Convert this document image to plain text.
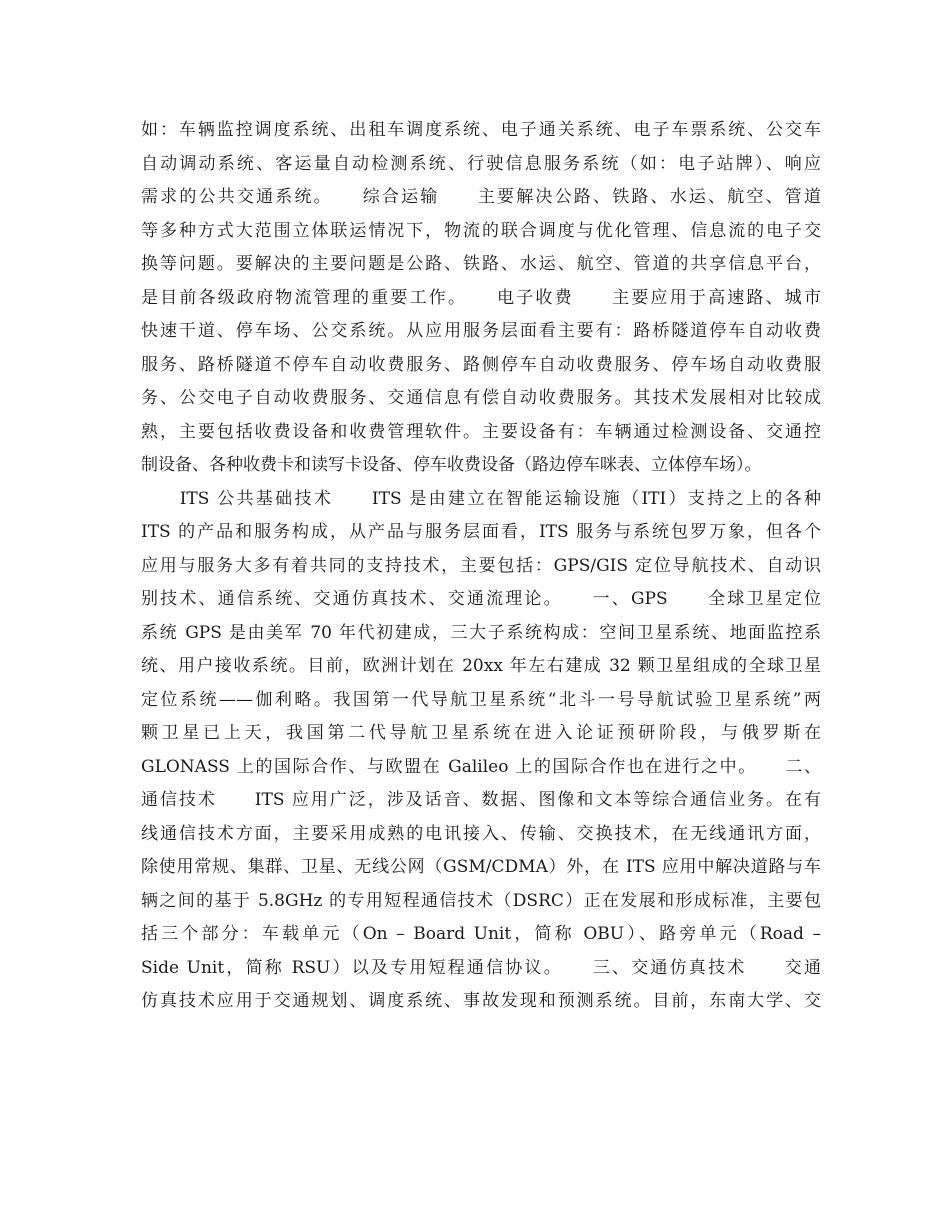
如：车辆监控调度系统、出租车调度系统、电子通关系统、电子车票系统、公交车
自动调动系统、客运量自动检测系统、行驶信息服务系统（如：电子站牌）、响应
需求的公共交通系统。　　综合运输　　主要解决公路、铁路、水运、航空、管道
等多种方式大范围立体联运情况下，物流的联合调度与优化管理、信息流的电子交
换等问题。要解决的主要问题是公路、铁路、水运、航空、管道的共享信息平台，
是目前各级政府物流管理的重要工作。　　电子收费　　主要应用于高速路、城市
快速干道、停车场、公交系统。从应用服务层面看主要有：路桥隧道停车自动收费
服务、路桥隧道不停车自动收费服务、路侧停车自动收费服务、停车场自动收费服
务、公交电子自动收费服务、交通信息有偿自动收费服务。其技术发展相对比较成
熟，主要包括收费设备和收费管理软件。主要设备有：车辆通过检测设备、交通控
制设备、各种收费卡和读写卡设备、停车收费设备（路边停车咪表、立体停车场）。
　　ITS 公共基础技术　　ITS 是由建立在智能运输设施（ITI）支持之上的各种
ITS 的产品和服务构成，从产品与服务层面看，ITS 服务与系统包罗万象，但各个
应用与服务大多有着共同的支持技术，主要包括：GPS/GIS 定位导航技术、自动识
别技术、通信系统、交通仿真技术、交通流理论。　　一、GPS　　全球卫星定位
系统 GPS 是由美军 70 年代初建成，三大子系统构成：空间卫星系统、地面监控系
统、用户接收系统。目前，欧洲计划在 20xx 年左右建成 32 颗卫星组成的全球卫星
定位系统——伽利略。我国第一代导航卫星系统“北斗一号导航试验卫星系统”两
颗卫星已上天，我国第二代导航卫星系统在进入论证预研阶段，与俄罗斯在
GLONASS 上的国际合作、与欧盟在 Galileo 上的国际合作也在进行之中。　　二、
通信技术　　ITS 应用广泛，涉及话音、数据、图像和文本等综合通信业务。在有
线通信技术方面，主要采用成熟的电讯接入、传输、交换技术，在无线通讯方面，
除使用常规、集群、卫星、无线公网（GSM/CDMA）外，在 ITS 应用中解决道路与车
辆之间的基于 5.8GHz 的专用短程通信技术（DSRC）正在发展和形成标准，主要包
括三个部分：车载单元（On – Board Unit，简称 OBU）、路旁单元（Road –
Side Unit，简称 RSU）以及专用短程通信协议。　　三、交通仿真技术　　交通
仿真技术应用于交通规划、调度系统、事故发现和预测系统。目前，东南大学、交
